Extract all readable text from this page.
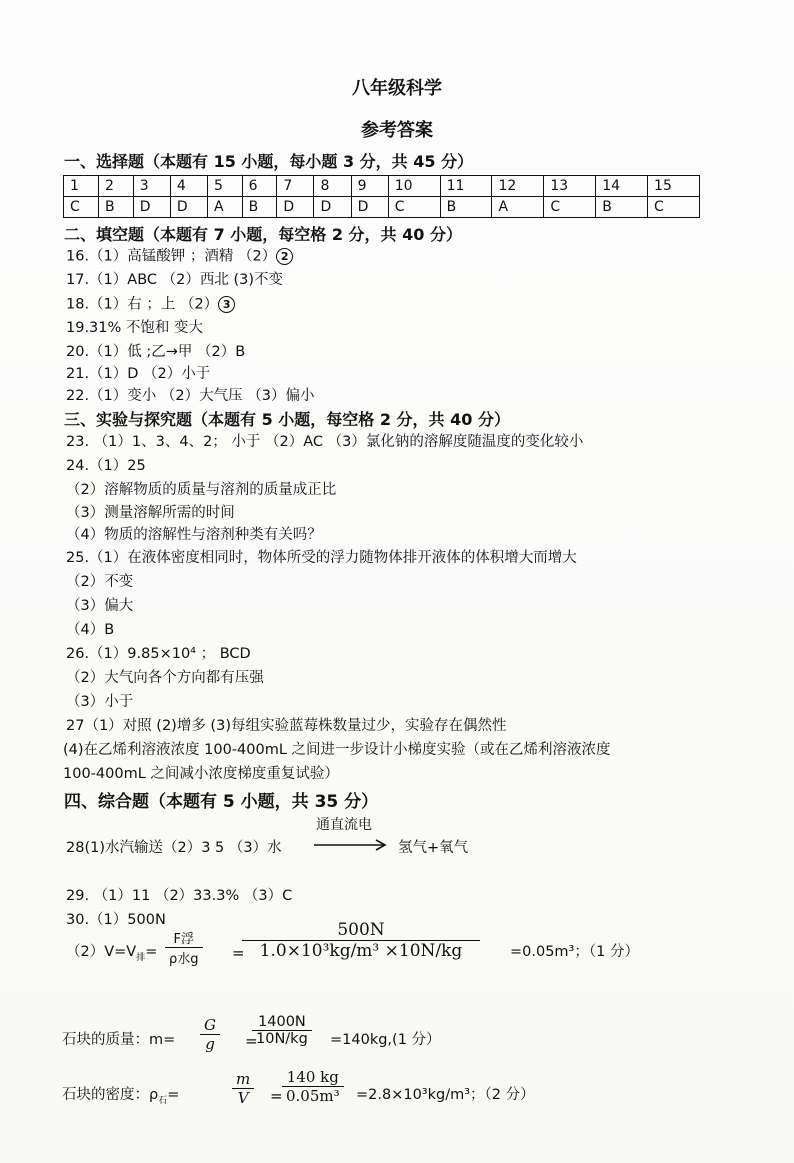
八年级科学
参考答案
一、选择题（本题有 15 小题，每小题 3 分，共 45 分）
1	2	3	4	5	6	7	8	9	10	11	12	13	14	15
C	B	D	D	A	B	D	D	D	C	B	A	C	B	C
二、填空题（本题有 7 小题，每空格 2 分，共 40 分）
16.（1）高锰酸钾 ；酒精 （2） 2
17.（1）ABC （2）西北 (3)不变
18.（1）右 ；上 （2） 3
19.31% 不饱和 变大
20.（1）低 ;乙→甲 （2）B
21.（1）D （2）小于
22.（1）变小 （2）大气压 （3）偏小
三、实验与探究题（本题有 5 小题，每空格 2 分，共 40 分）
23. （1）1、3、4、2； 小于 （2）AC （3）氯化钠的溶解度随温度的变化较小
24.（1）25
（2）溶解物质的质量与溶剂的质量成正比
（3）测量溶解所需的时间
（4）物质的溶解性与溶剂种类有关吗？
25.（1）在液体密度相同时，物体所受的浮力随物体排开液体的体积增大而增大
（2）不变
（3）偏大
（4）B
26.（1）9.85×10⁴ ； BCD
（2）大气向各个方向都有压强
（3）小于
27（1）对照 (2)增多 (3)每组实验蓝莓株数量过少，实验存在偶然性
(4)在乙烯利溶液浓度 100-400mL 之间进一步设计小梯度实验（或在乙烯利溶液浓度
100-400mL 之间减小浓度梯度重复试验）
四、综合题（本题有 5 小题，共 35 分）
28(1)水汽输送（2）3 5 （3）水
通直流电
氢气+氧气
29. （1）11 （2）33.3% （3）C
30.（1）500N
$(2)V=V_排=$
F浮
ρ水g =
500N
1.0×10³kg/m³ ×10N/kg	=0.05m³；（1 分）
石块的质量：m=
G
g	=
1400N
10N/kg =140kg,(1 分）
石块的密度：$\rho_石=$
m
V	=
140 kg
0.05m³ =2.8×10³kg/m³；（2 分）
